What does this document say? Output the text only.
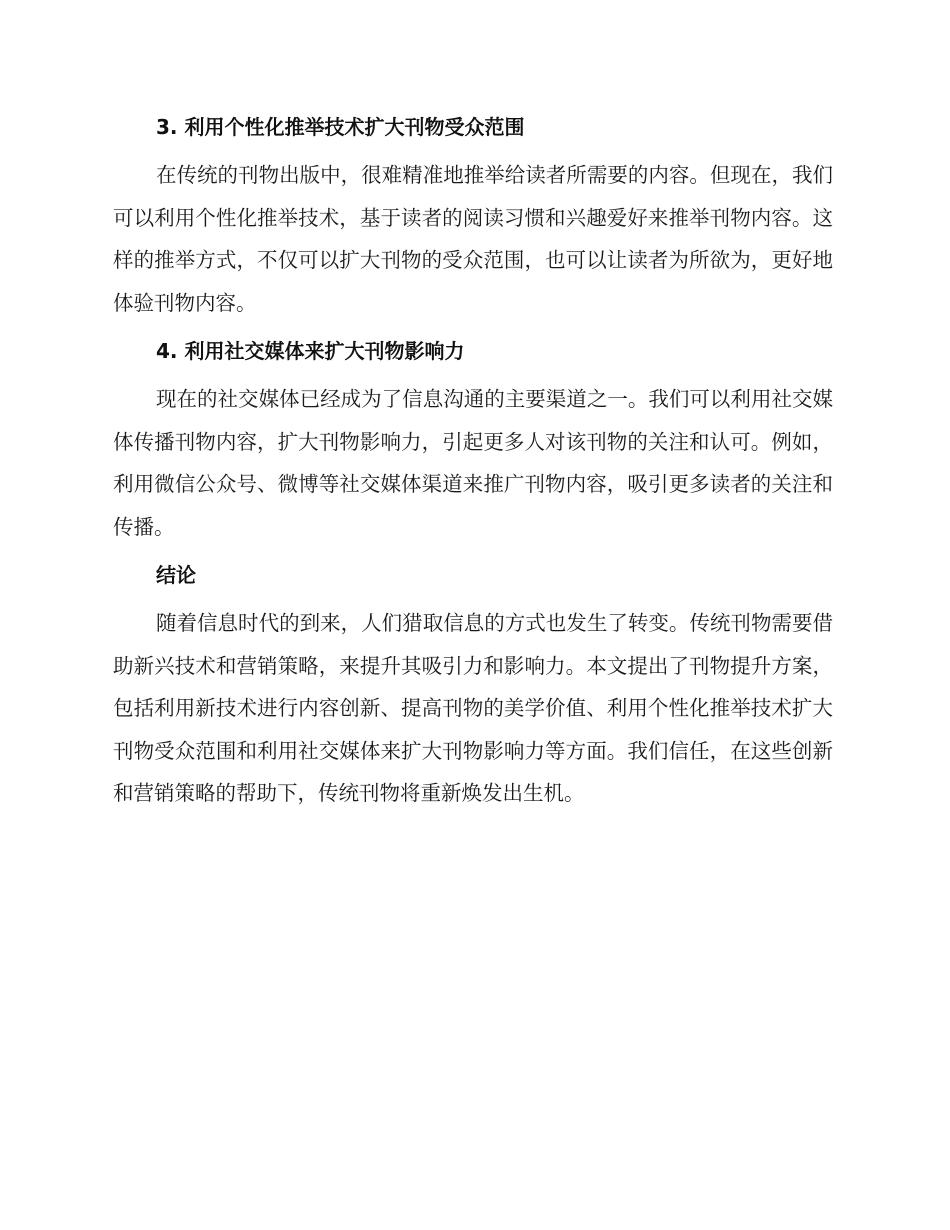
3. 利用个性化推举技术扩大刊物受众范围

在传统的刊物出版中，很难精准地推举给读者所需要的内容。但现在，我们可以利用个性化推举技术，基于读者的阅读习惯和兴趣爱好来推举刊物内容。这样的推举方式，不仅可以扩大刊物的受众范围，也可以让读者为所欲为，更好地体验刊物内容。

4. 利用社交媒体来扩大刊物影响力

现在的社交媒体已经成为了信息沟通的主要渠道之一。我们可以利用社交媒体传播刊物内容，扩大刊物影响力，引起更多人对该刊物的关注和认可。例如，利用微信公众号、微博等社交媒体渠道来推广刊物内容，吸引更多读者的关注和传播。

结论

随着信息时代的到来，人们猎取信息的方式也发生了转变。传统刊物需要借助新兴技术和营销策略，来提升其吸引力和影响力。本文提出了刊物提升方案，包括利用新技术进行内容创新、提高刊物的美学价值、利用个性化推举技术扩大刊物受众范围和利用社交媒体来扩大刊物影响力等方面。我们信任，在这些创新和营销策略的帮助下，传统刊物将重新焕发出生机。
